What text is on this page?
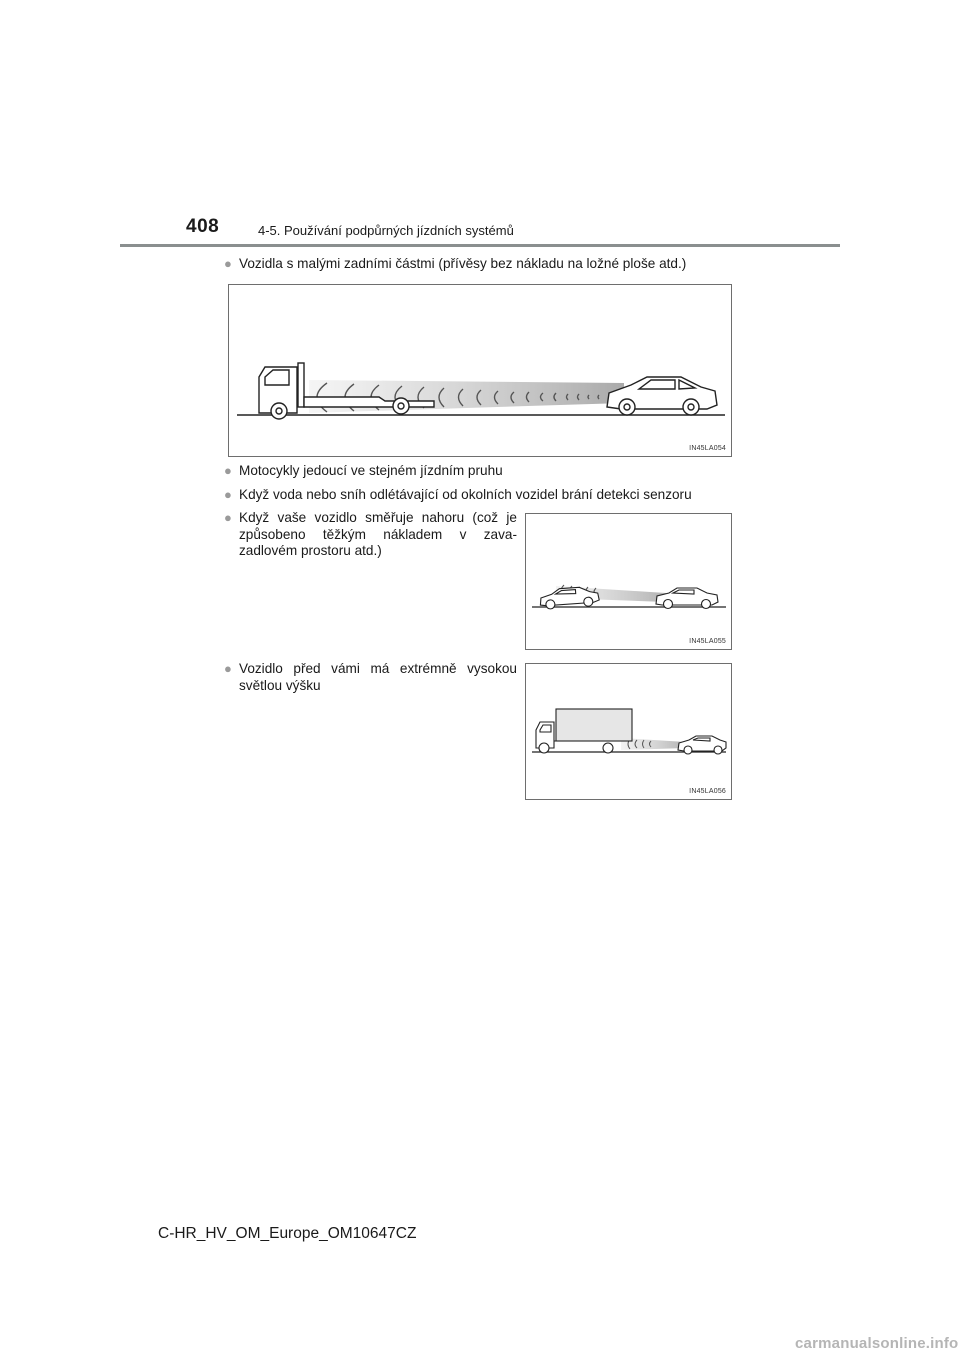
408	4-5. Používání podpůrných jízdních systémů
● Vozidla s malými zadními částmi (přívěsy bez nákladu na ložné ploše atd.)
IN45LA054
● Motocykly jedoucí ve stejném jízdním pruhu
● Když voda nebo sníh odlétávající od okolních vozidel brání detekci senzoru
● Když vaše vozidlo směřuje nahoru (což je způsobeno těžkým nákladem v zava-zadlovém prostoru atd.)
IN45LA055
● Vozidlo před vámi má extrémně vysokou světlou výšku
IN45LA056
C-HR_HV_OM_Europe_OM10647CZ
carmanualsonline.info
